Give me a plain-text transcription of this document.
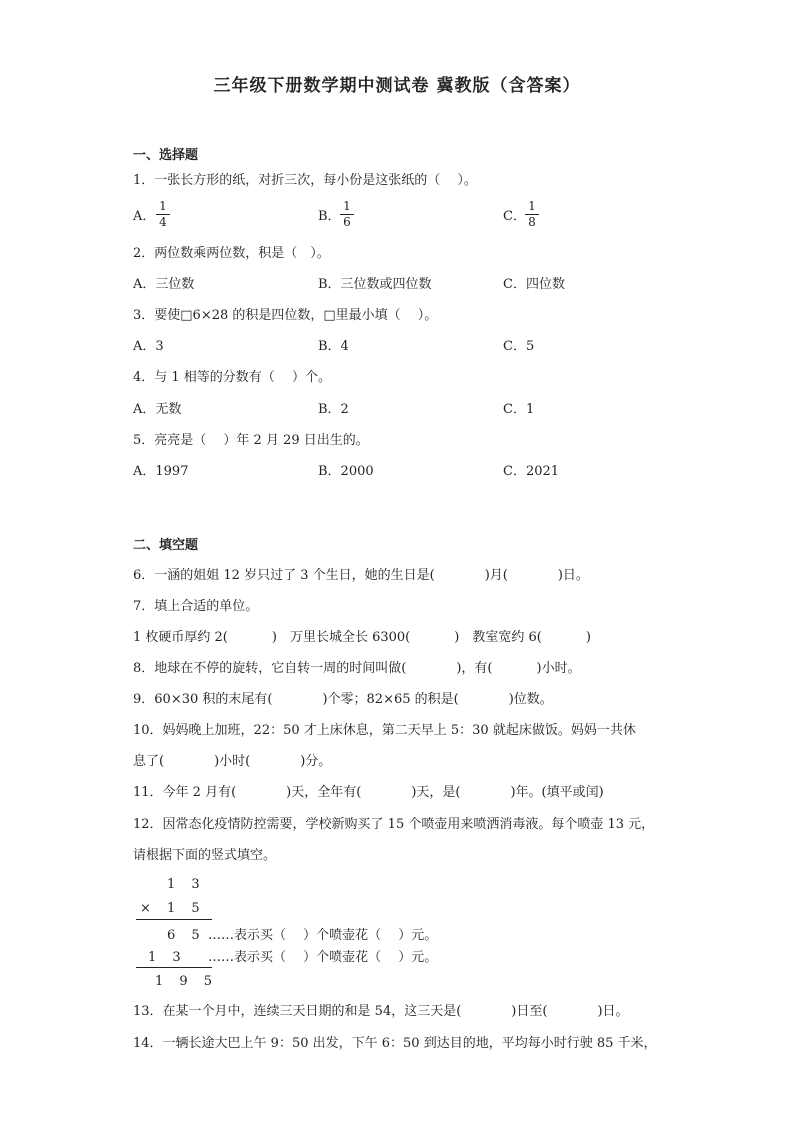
三年级下册数学期中测试卷 冀教版（含答案）
一、选择题
1．一张长方形的纸，对折三次，每小份是这张纸的（　 ）。
A．
1
4	B．
1
6	C．
1
8
2．两位数乘两位数，积是（　）。
A．三位数	B．三位数或四位数	C．四位数
3．要使□6×28 的积是四位数，□里最小填（　 ）。
A．3	B．4	C．5
4．与 1 相等的分数有（　 ）个。
A．无数	B．2	C．1
5．亮亮是（　 ）年 2 月 29 日出生的。
A．1997	B．2000	C．2021
二、填空题
6．一涵的姐姐 12 岁只过了 3 个生日，她的生日是(	)月(	)日。
7．填上合适的单位。
1 枚硬币厚约 2(	)　万里长城全长 6300(	)　教室宽约 6(	)
8．地球在不停的旋转，它自转一周的时间叫做(	)，有(	)小时。
9．60×30 积的末尾有(	)个零；82×65 的积是(	)位数。
10．妈妈晚上加班，22：50 才上床休息，第二天早上 5：30 就起床做饭。妈妈一共休
息了(	)小时(	)分。
11．今年 2 月有(	)天，全年有(	)天，是(	)年。(填平或闰)
12．因常态化疫情防控需要，学校新购买了 15 个喷壶用来喷洒消毒液。每个喷壶 13 元，
请根据下面的竖式填空。
1 3
× 1 5
6 5 ……表示买（　 ）个喷壶花（　 ）元。
1 3 ……表示买（　 ）个喷壶花（　 ）元。
1 9 5
13．在某一个月中，连续三天日期的和是 54，这三天是(	)日至(	)日。
14．一辆长途大巴上午 9：50 出发，下午 6：50 到达目的地，平均每小时行驶 85 千米，
